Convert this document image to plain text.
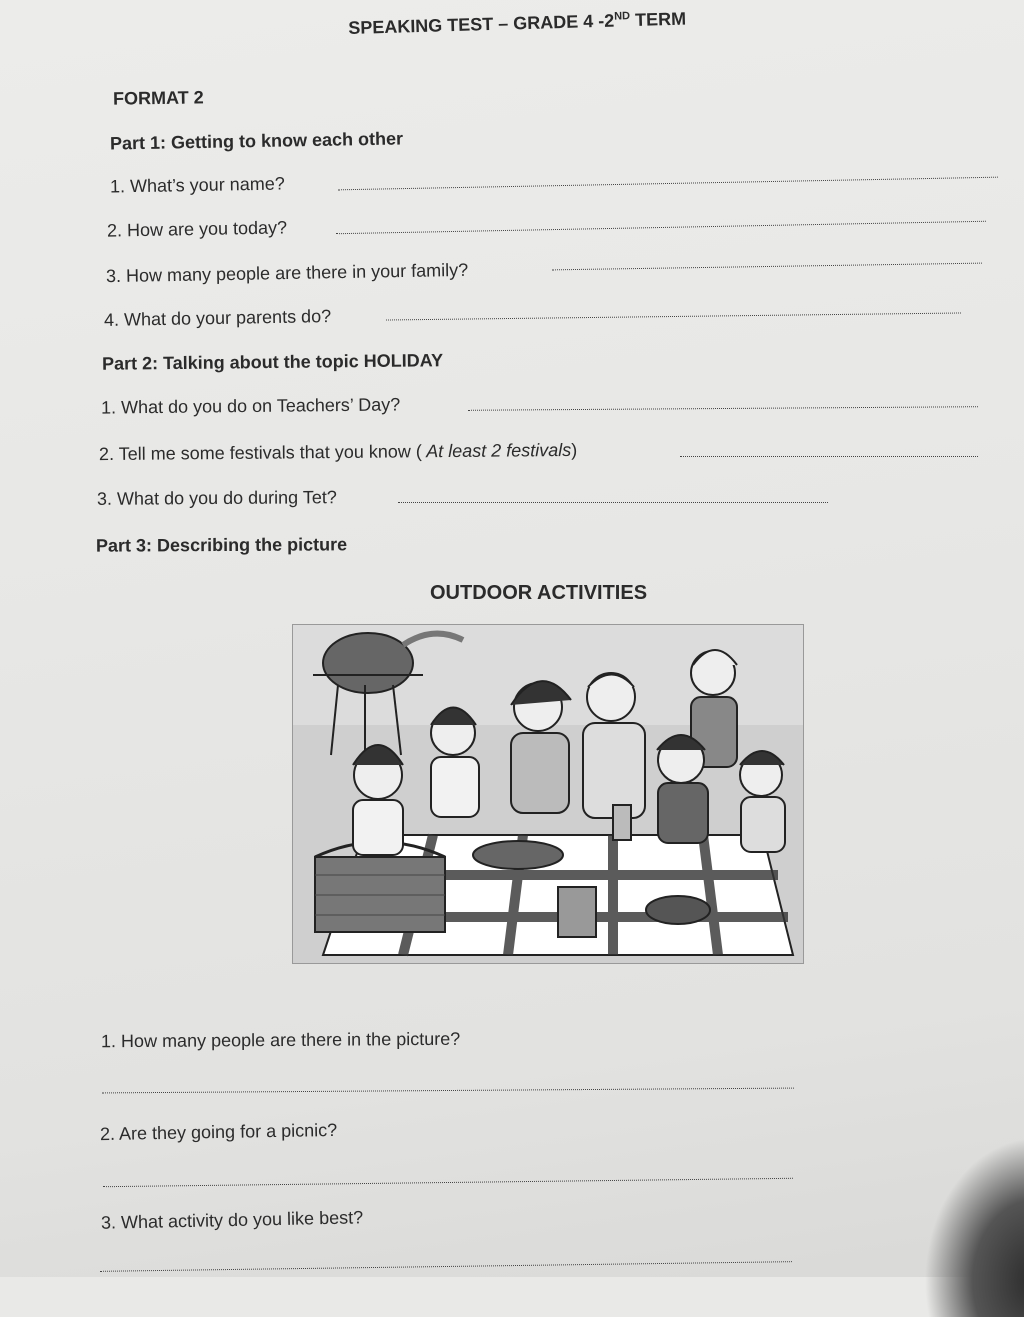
SPEAKING TEST – GRADE 4 -2ND TERM
FORMAT 2
Part 1: Getting to know each other
1. What’s your name?
2. How are you today?
3. How many people are there in your family?
4. What do your parents do?
Part 2: Talking about the topic HOLIDAY
1. What do you do on Teachers’ Day?
2. Tell me some festivals that you know ( At least 2 festivals)
3. What do you do during Tet?
Part 3: Describing the picture
OUTDOOR ACTIVITIES
1. How many people are there in the picture?
2. Are they going for a picnic?
3. What activity do you like best?
